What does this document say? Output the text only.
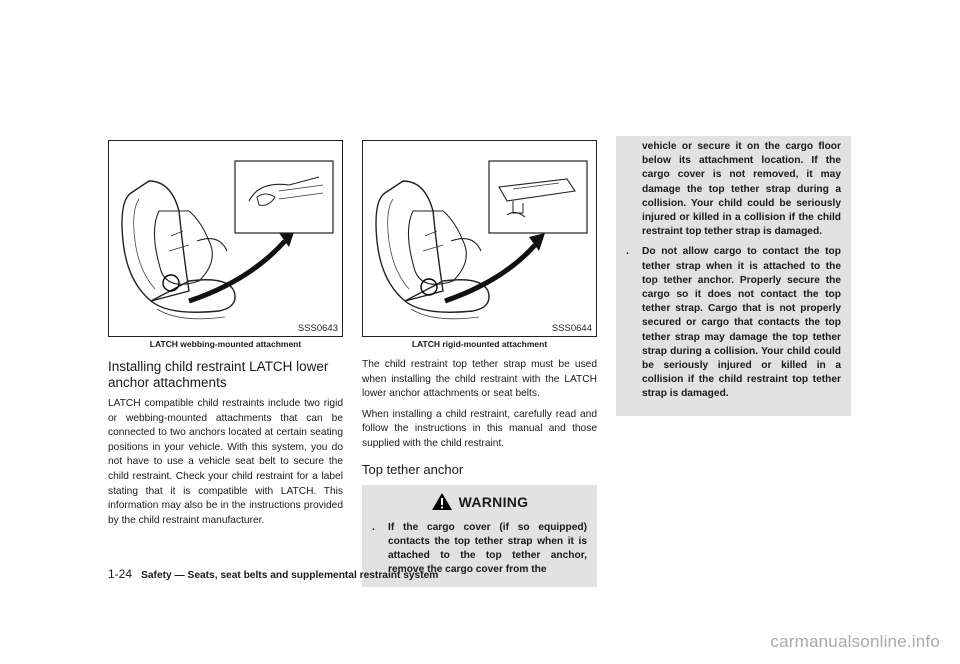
SSS0643
LATCH webbing-mounted attachment
Installing child restraint LATCH lower anchor attachments

LATCH compatible child restraints include two rigid or webbing-mounted attachments that can be connected to two anchors located at certain seating positions in your vehicle. With this system, you do not have to use a vehicle seat belt to secure the child restraint. Check your child restraint for a label stating that it is compatible with LATCH. This information may also be in the instructions provided by the child restraint manufacturer.

SSS0644
LATCH rigid-mounted attachment

The child restraint top tether strap must be used when installing the child restraint with the LATCH lower anchor attachments or seat belts.

When installing a child restraint, carefully read and follow the instructions in this manual and those supplied with the child restraint.

Top tether anchor
WARNING
.	If the cargo cover (if so equipped) contacts the top tether strap when it is attached to the top tether anchor, remove the cargo cover from the
vehicle or secure it on the cargo floor below its attachment location. If the cargo cover is not removed, it may damage the top tether strap during a collision. Your child could be seriously injured or killed in a collision if the child restraint top tether strap is damaged.
.	Do not allow cargo to contact the top tether strap when it is attached to the top tether anchor. Properly secure the cargo so it does not contact the top tether strap. Cargo that is not properly secured or cargo that contacts the top tether strap may damage the top tether strap during a collision. Your child could be seriously injured or killed in a collision if the child restraint top tether strap is damaged.
1-24 Safety — Seats, seat belts and supplemental restraint system
carmanualsonline.info
